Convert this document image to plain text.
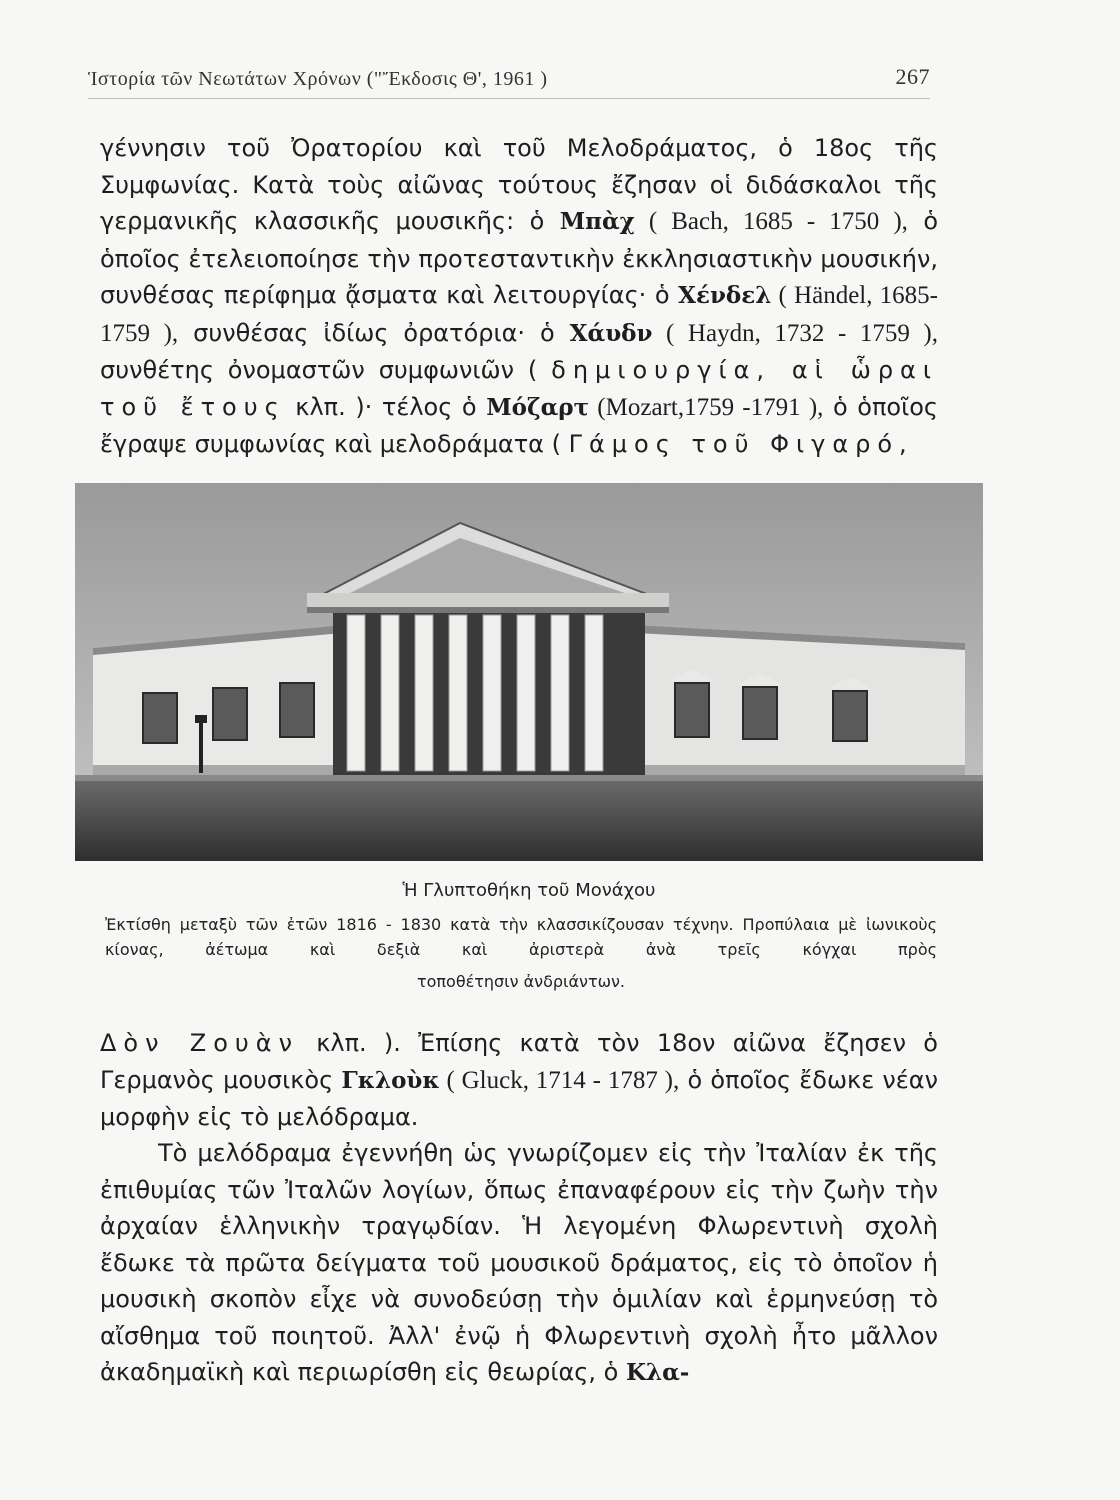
Ἱστορία τῶν Νεωτάτων Χρόνων ("Ἔκδοσις Θ', 1961 )	267

γέννησιν τοῦ Ὀρατορίου καὶ τοῦ Μελοδράματος, ὁ 18ος τῆς Συμφωνίας. Κατὰ τοὺς αἰῶνας τούτους ἔζησαν οἱ διδάσκαλοι τῆς γερμανικῆς κλασσικῆς μουσικῆς: ὁ Μπὰχ ( Bach, 1685 - 1750 ), ὁ ὁποῖος ἐτελειοποίησε τὴν προτεσταντικὴν ἐκκλησιαστικὴν μουσικήν, συνθέσας περίφημα ᾄσματα καὶ λειτουργίας· ὁ Χένδελ ( Händel, 1685-1759 ), συνθέσας ἰδίως ὀρατόρια· ὁ Χάυδν ( Haydn, 1732 - 1759 ), συνθέτης ὀνομαστῶν συμφωνιῶν ( δημιουργία, αἱ ὧραι τοῦ ἔτους κλπ. )· τέλος ὁ Μόζαρτ (Mozart,1759 -1791 ), ὁ ὁποῖος ἔγραψε συμφωνίας καὶ μελοδράματα ( Γάμος τοῦ Φιγαρό,

Ἡ Γλυπτοθήκη τοῦ Μονάχου

Ἐκτίσθη μεταξὺ τῶν ἐτῶν 1816 - 1830 κατὰ τὴν κλασσικίζουσαν τέχνην. Προπύλαια μὲ ἰωνικοὺς κίονας, ἀέτωμα καὶ δεξιὰ καὶ ἀριστερὰ ἀνὰ τρεῖς κόγχαι πρὸς

τοποθέτησιν ἀνδριάντων.

Δὸν Ζουὰν κλπ. ). Ἐπίσης κατὰ τὸν 18ον αἰῶνα ἔζησεν ὁ Γερμανὸς μουσικὸς Γκλοὺκ ( Gluck, 1714 - 1787 ), ὁ ὁποῖος ἔδωκε νέαν μορφὴν εἰς τὸ μελόδραμα.

Τὸ μελόδραμα ἐγεννήθη ὡς γνωρίζομεν εἰς τὴν Ἰταλίαν ἐκ τῆς ἐπιθυμίας τῶν Ἰταλῶν λογίων, ὅπως ἐπαναφέρουν εἰς τὴν ζωὴν τὴν ἀρχαίαν ἑλληνικὴν τραγῳδίαν. Ἡ λεγομένη Φλωρεντινὴ σχολὴ ἔδωκε τὰ πρῶτα δείγματα τοῦ μουσικοῦ δράματος, εἰς τὸ ὁποῖον ἡ μουσικὴ σκοπὸν εἶχε νὰ συνοδεύσῃ τὴν ὁμιλίαν καὶ ἑρμηνεύσῃ τὸ αἴσθημα τοῦ ποιητοῦ. Ἀλλ' ἐνῷ ἡ Φλωρεντινὴ σχολὴ ἦτο μᾶλλον ἀκαδημαϊκὴ καὶ περιωρίσθη εἰς θεωρίας, ὁ Κλα-
